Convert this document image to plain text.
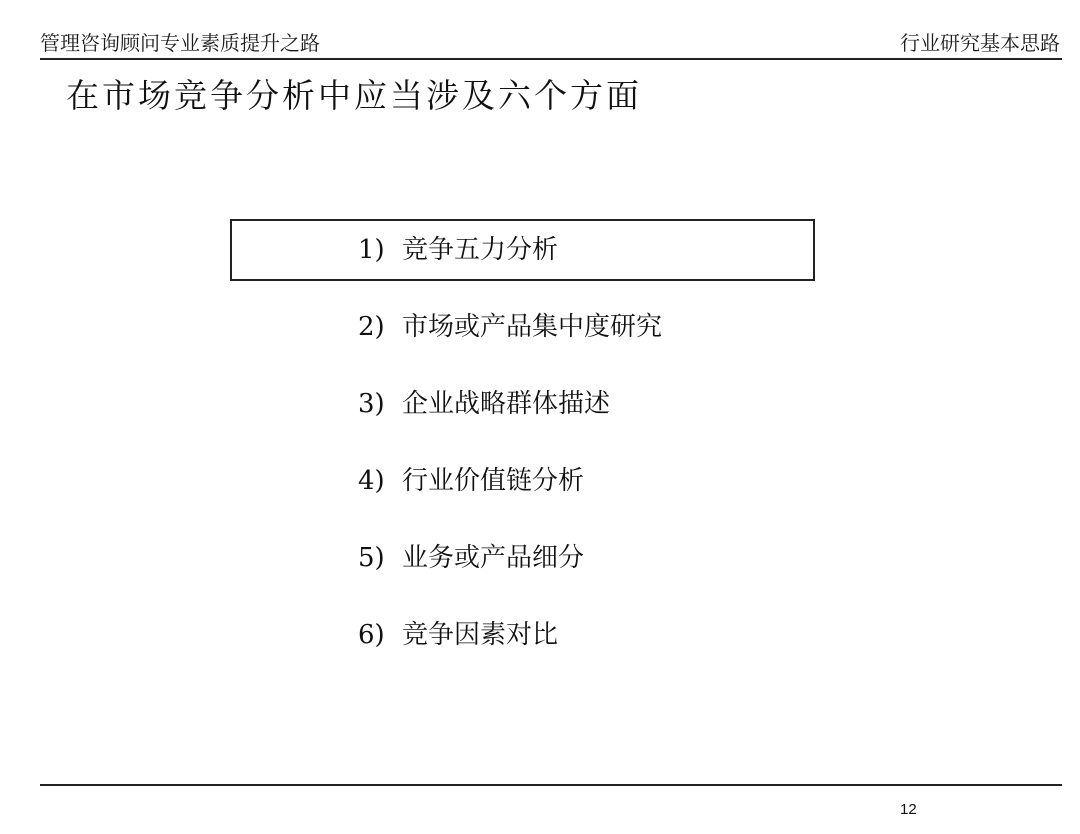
管理咨询顾问专业素质提升之路	行业研究基本思路
在市场竞争分析中应当涉及六个方面
1) 竞争五力分析
2) 市场或产品集中度研究
3) 企业战略群体描述
4) 行业价值链分析
5) 业务或产品细分
6) 竞争因素对比
12
